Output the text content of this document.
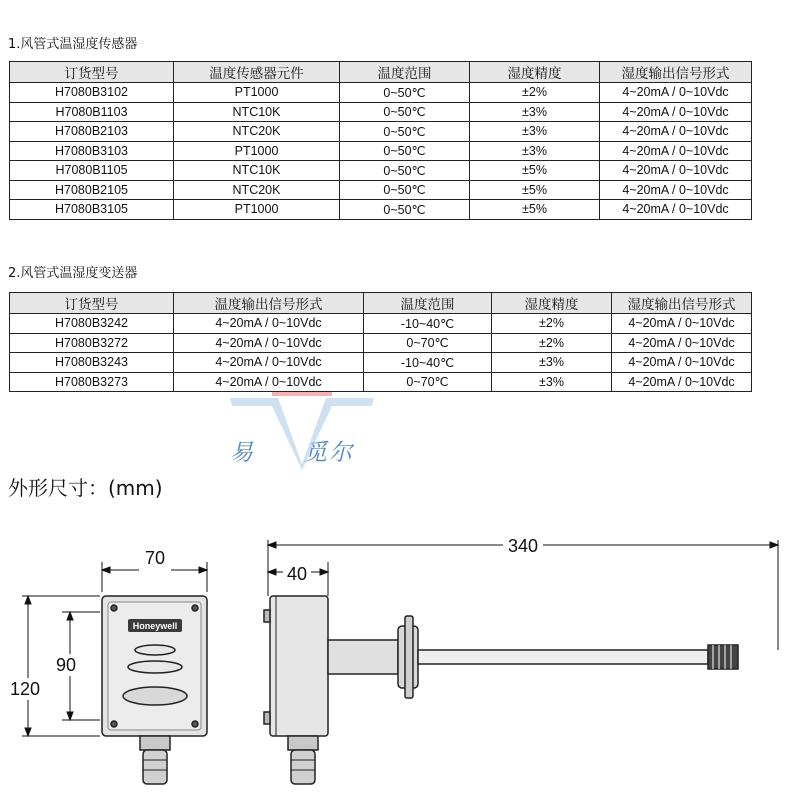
1.风管式温湿度传感器
订货型号	温度传感器元件	温度范围	湿度精度	湿度输出信号形式
H7080B3102	PT1000	0~50℃	±2%	4~20mA / 0~10Vdc
H7080B1103	NTC10K	0~50℃	±3%	4~20mA / 0~10Vdc
H7080B2103	NTC20K	0~50℃	±3%	4~20mA / 0~10Vdc
H7080B3103	PT1000	0~50℃	±3%	4~20mA / 0~10Vdc
H7080B1105	NTC10K	0~50℃	±5%	4~20mA / 0~10Vdc
H7080B2105	NTC20K	0~50℃	±5%	4~20mA / 0~10Vdc
H7080B3105	PT1000	0~50℃	±5%	4~20mA / 0~10Vdc
2.风管式温湿度变送器
订货型号	温度输出信号形式	温度范围	湿度精度	湿度输出信号形式
H7080B3242	4~20mA / 0~10Vdc	-10~40℃	±2%	4~20mA / 0~10Vdc
H7080B3272	4~20mA / 0~10Vdc	0~70℃	±2%	4~20mA / 0~10Vdc
H7080B3243	4~20mA / 0~10Vdc	-10~40℃	±3%	4~20mA / 0~10Vdc
H7080B3273	4~20mA / 0~10Vdc	0~70℃	±3%	4~20mA / 0~10Vdc
易 觅尔
外形尺寸：(mm)
Honeywell
70
40
340
90
120
